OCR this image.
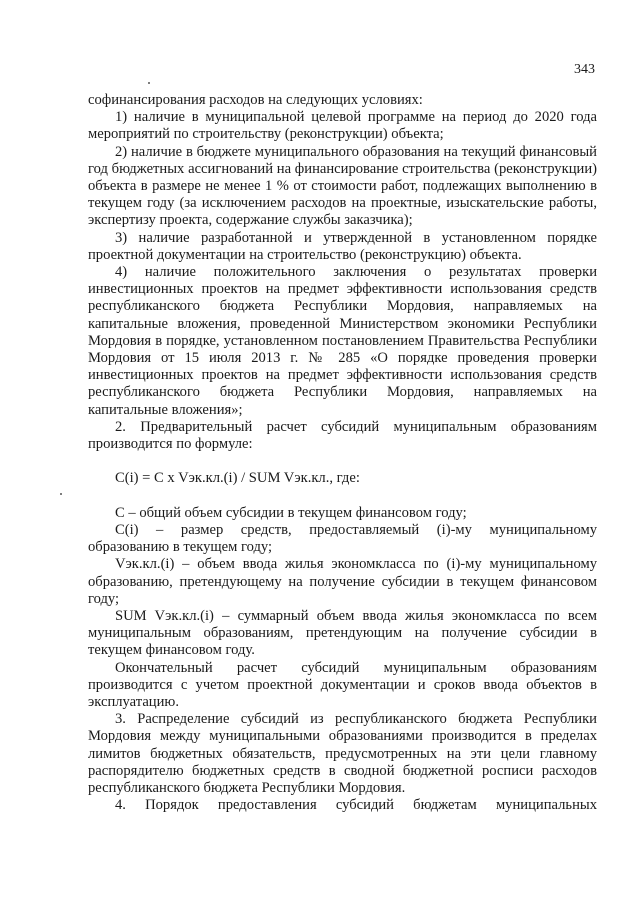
343

софинансирования расходов на следующих условиях:

1) наличие в муниципальной целевой программе на период до 2020 года мероприятий по строительству (реконструкции) объекта;

2) наличие в бюджете муниципального образования на текущий финансовый год бюджетных ассигнований на финансирование строительства (реконструкции) объекта в размере не менее 1 % от стоимости работ, подлежащих выполнению в текущем году (за исключением расходов на проектные, изыскательские работы, экспертизу проекта, содержание службы заказчика);

3) наличие разработанной и утвержденной в установленном порядке проектной документации на строительство (реконструкцию) объекта.

4) наличие положительного заключения о результатах проверки инвестиционных проектов на предмет эффективности использования средств республиканского бюджета Республики Мордовия, направляемых на капитальные вложения, проведенной Министерством экономики Республики Мордовия в порядке, установленном постановлением Правительства Республики Мордовия от 15 июля 2013 г. № 285 «О порядке проведения проверки инвестиционных проектов на предмет эффективности использования средств республиканского бюджета Республики Мордовия, направляемых на капитальные вложения»;

2. Предварительный расчет субсидий муниципальным образованиям производится по формуле:

C(i) = C x Vэк.кл.(i) / SUM Vэк.кл., где:

C – общий объем субсидии в текущем финансовом году;

C(i) – размер средств, предоставляемый (i)-му муниципальному образованию в текущем году;

Vэк.кл.(i) – объем ввода жилья экономкласса по (i)-му муниципальному образованию, претендующему на получение субсидии в текущем финансовом году;

SUM Vэк.кл.(i) – суммарный объем ввода жилья экономкласса по всем муниципальным образованиям, претендующим на получение субсидии в текущем финансовом году.

Окончательный расчет субсидий муниципальным образованиям производится с учетом проектной документации и сроков ввода объектов в эксплуатацию.

3. Распределение субсидий из республиканского бюджета Республики Мордовия между муниципальными образованиями производится в пределах лимитов бюджетных обязательств, предусмотренных на эти цели главному распорядителю бюджетных средств в сводной бюджетной росписи расходов республиканского бюджета Республики Мордовия.

4. Порядок предоставления субсидий бюджетам муниципальных
